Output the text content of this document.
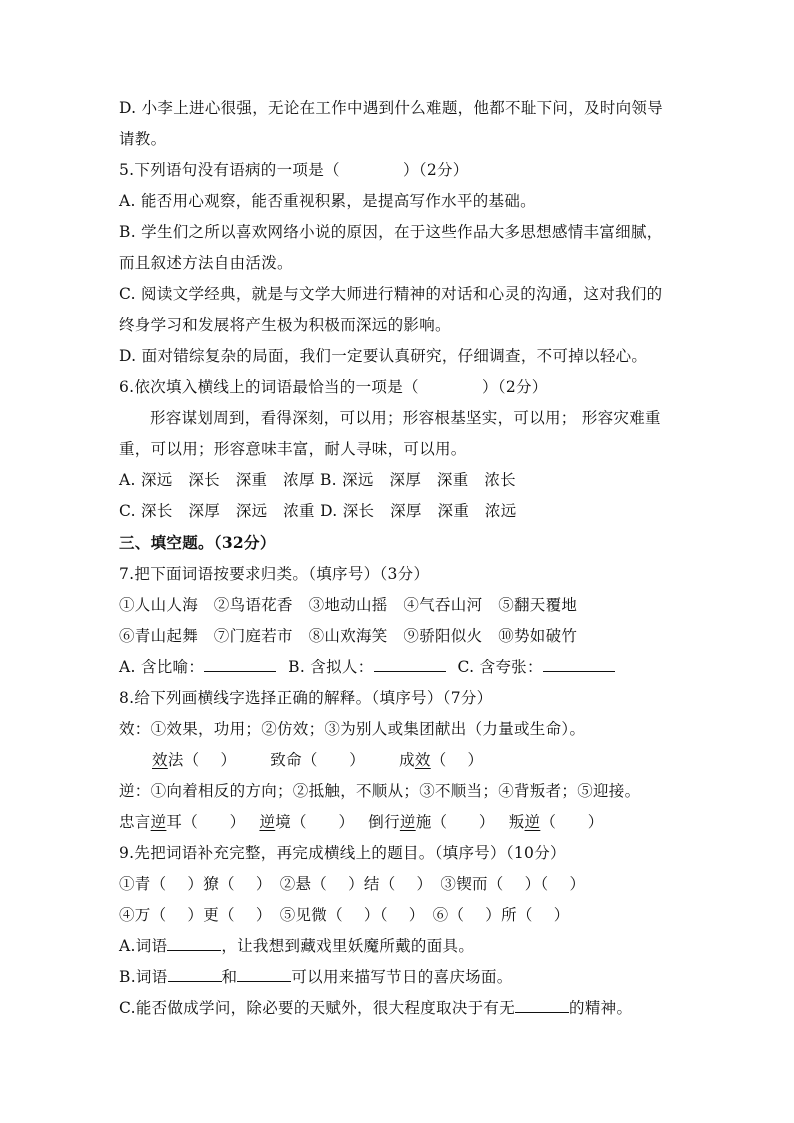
D. 小李上进心很强，无论在工作中遇到什么难题，他都不耻下问，及时向领导
请教。
5.下列语句没有语病的一项是（　　　　）（2分）
A. 能否用心观察，能否重视积累，是提高写作水平的基础。
B. 学生们之所以喜欢网络小说的原因，在于这些作品大多思想感情丰富细腻，
而且叙述方法自由活泼。
C. 阅读文学经典，就是与文学大师进行精神的对话和心灵的沟通，这对我们的
终身学习和发展将产生极为积极而深远的影响。
D. 面对错综复杂的局面，我们一定要认真研究，仔细调查，不可掉以轻心。
6.依次填入横线上的词语最恰当的一项是（　　　　）（2分）
形容谋划周到，看得深刻，可以用；形容根基坚实，可以用； 形容灾难重
重，可以用；形容意味丰富，耐人寻味，可以用。
A. 深远　深长　深重　浓厚 B. 深远　深厚　深重　浓长
C. 深长　深厚　深远　浓重 D. 深长　深厚　深重　浓远
三、填空题。（32分）
7.把下面词语按要求归类。（填序号）（3分）
①人山人海　②鸟语花香　③地动山摇　④气吞山河　⑤翻天覆地
⑥青山起舞　⑦门庭若市　⑧山欢海笑　⑨骄阳似火　⑩势如破竹
A. 含比喻：	B. 含拟人：	C. 含夸张：
8.给下列画横线字选择正确的解释。（填序号）（7分）
效：①效果，功用；②仿效；③为别人或集团献出（力量或生命）。
效法（　 ） 致命（　　） 成效（　 ）
逆：①向着相反的方向；②抵触，不顺从；③不顺当；④背叛者；⑤迎接。
忠言逆耳（　　） 逆境（　　） 倒行逆施（　　） 叛逆（　　）
9.先把词语补充完整，再完成横线上的题目。（填序号）（10分）
①青（　 ）獠（　 ）　②悬（　 ）结（　 ）　③锲而（　 ）（　 ）
④万（　 ）更（　 ）　⑤见微（　 ）（　 ）　⑥（　 ）所（　 ）
A.词语	，让我想到藏戏里妖魔所戴的面具。
B.词语	和	可以用来描写节日的喜庆场面。
C.能否做成学问，除必要的天赋外，很大程度取决于有无	的精神。
